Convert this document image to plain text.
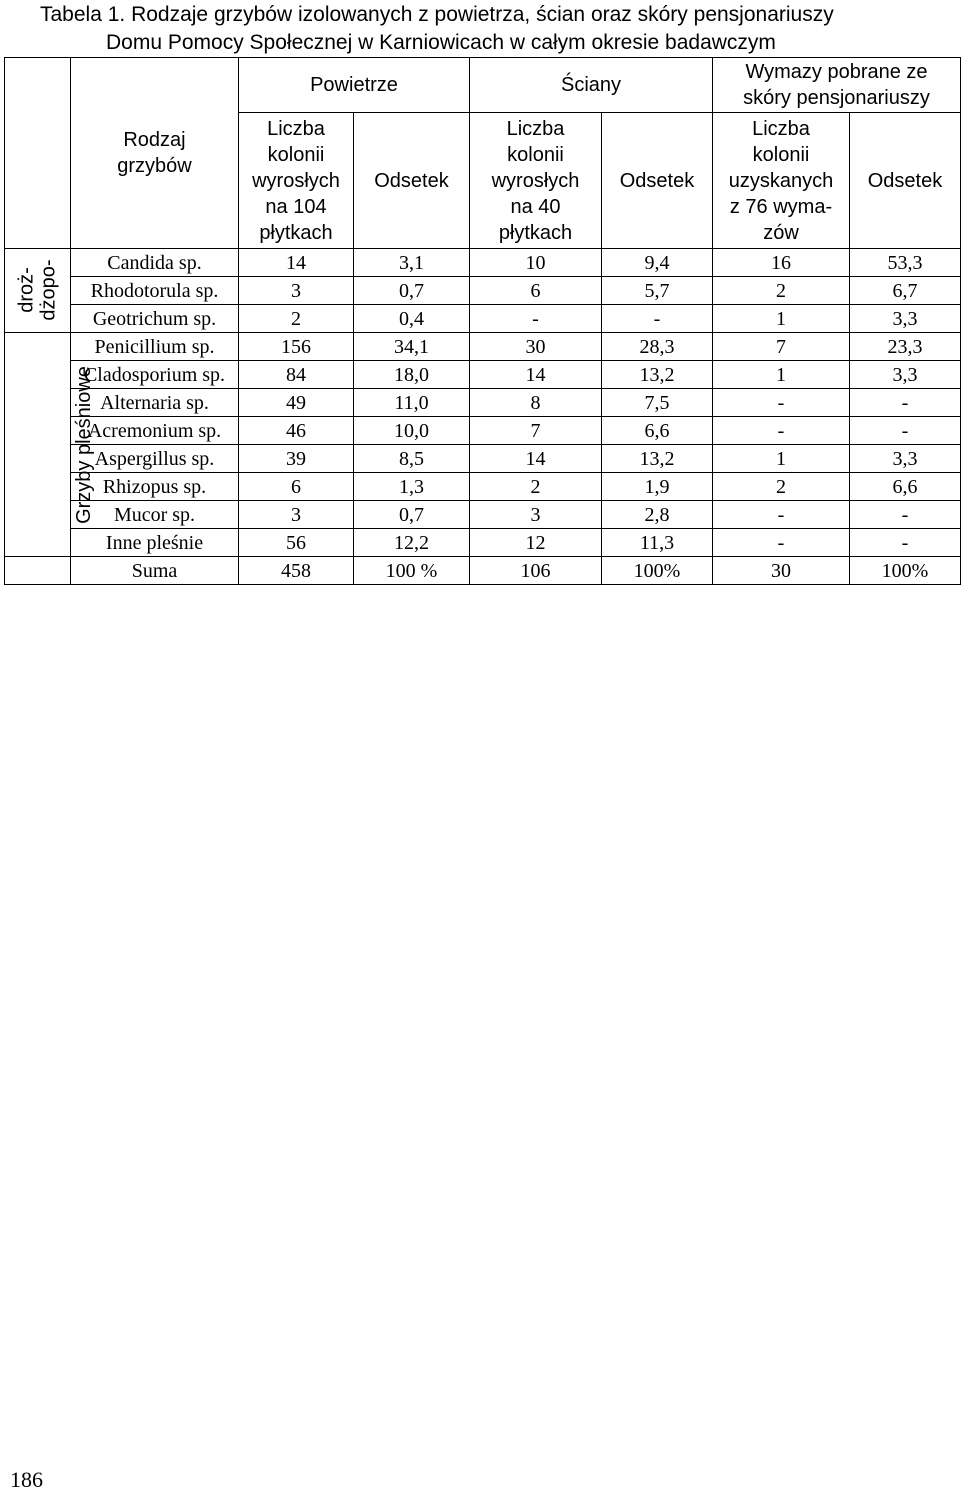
Tabela 1. Rodzaje grzybów izolowanych z powietrza, ścian oraz skóry pensjonariuszy
Domu Pomocy Społecznej w Karniowicach w całym okresie badawczym

	Rodzaj
grzybów	Powietrze		Ściany		Wymazy pobrane ze
skóry pensjonariuszy	

		Liczba
kolonii
wyrosłych
na 104
płytkach	Odsetek	Liczba
kolonii
wyrosłych
na 40
płytkach	Odsetek	Liczba
kolonii
uzyskanych
z 76 wyma-
zów	Odsetek

droż- dżopo-	Candida sp.	14	3,1	10	9,4	16	53,3
	Rhodotorula sp.	3	0,7	6	5,7	2	6,7
	Geotrichum sp.	2	0,4	-	-	1	3,3
Grzyby pleśniowe	Penicillium sp.	156	34,1	30	28,3	7	23,3
	Cladosporium sp.	84	18,0	14	13,2	1	3,3
	Alternaria sp.	49	11,0	8	7,5	-	-
	Acremonium sp.	46	10,0	7	6,6	-	-
	Aspergillus sp.	39	8,5	14	13,2	1	3,3
	Rhizopus sp.	6	1,3	2	1,9	2	6,6
	Mucor sp.	3	0,7	3	2,8	-	-
	Inne pleśnie	56	12,2	12	11,3	-	-
	Suma	458	100 %	106	100%	30	100%
186
